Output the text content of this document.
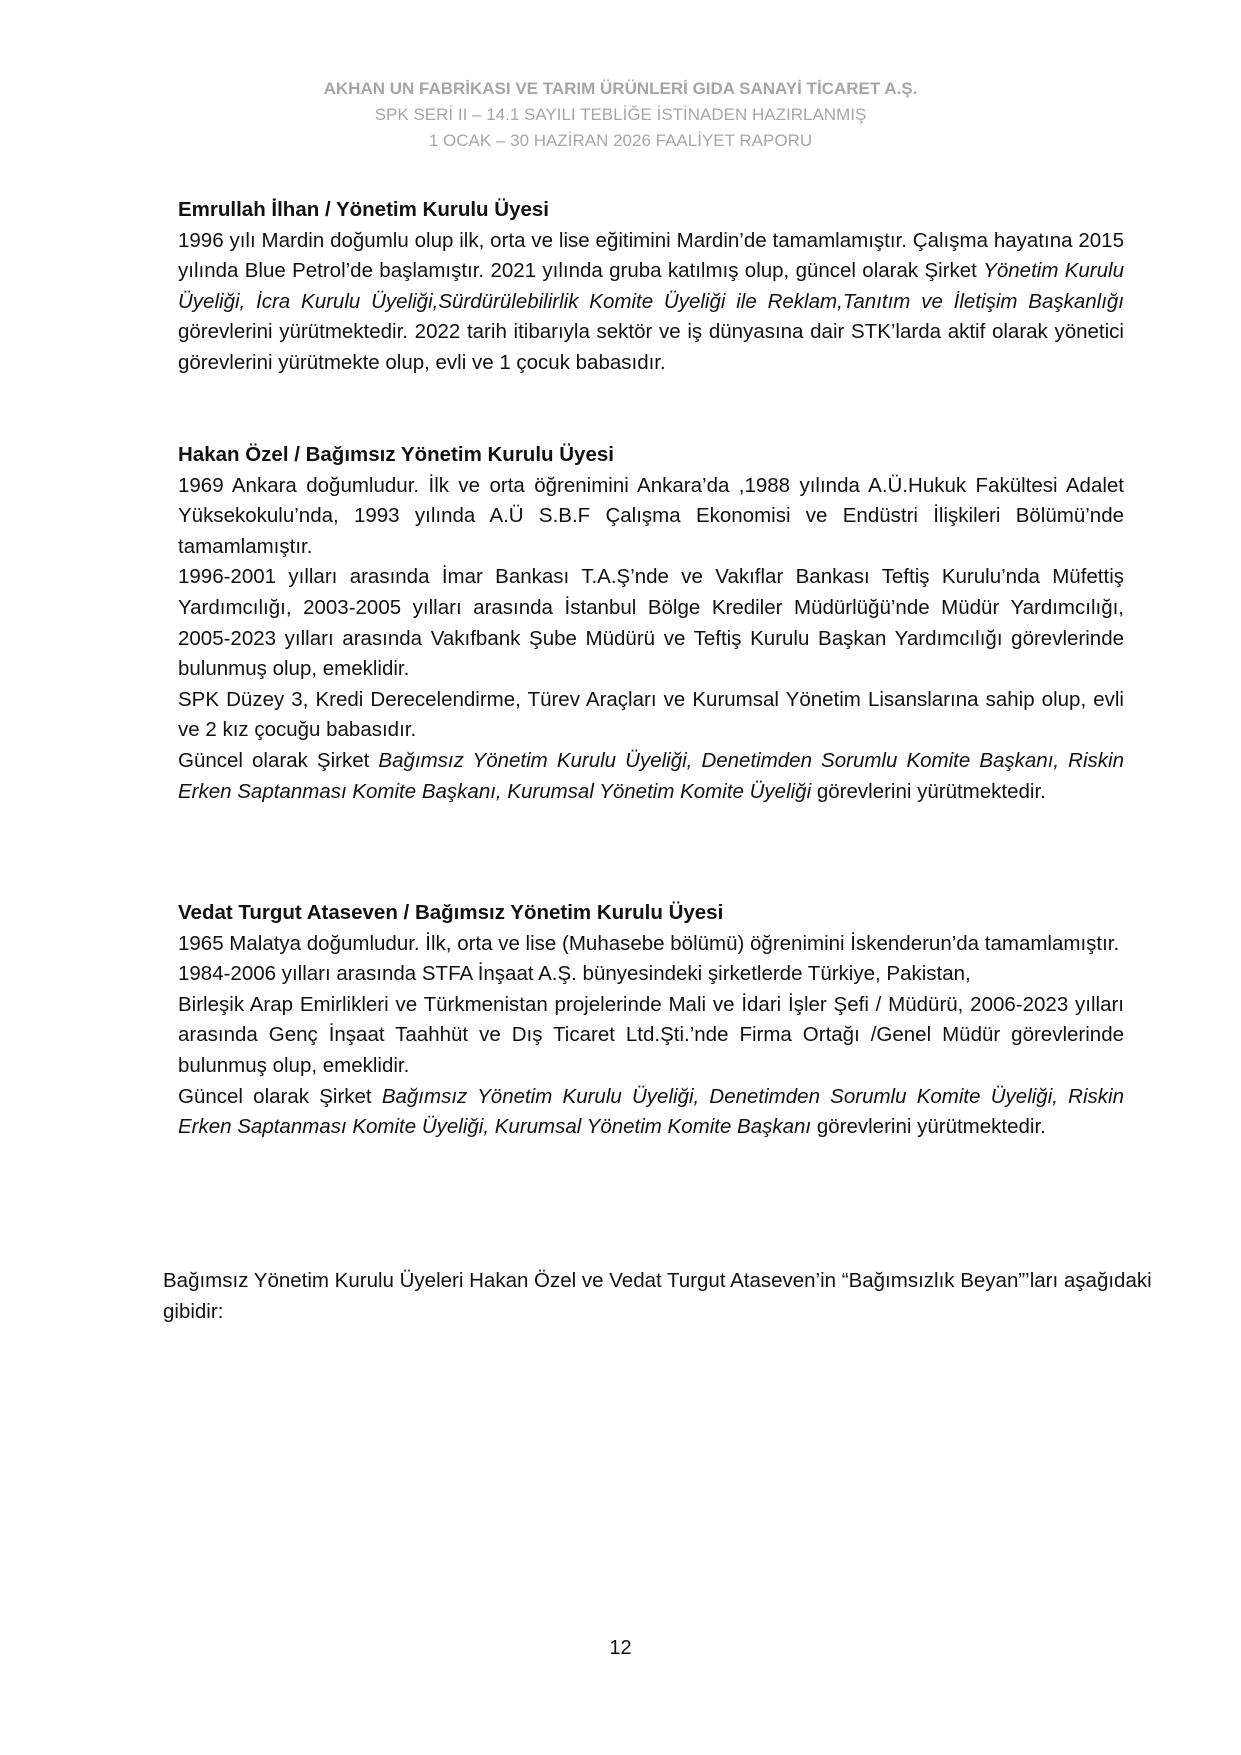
AKHAN UN FABRİKASI VE TARIM ÜRÜNLERİ GIDA SANAYİ TİCARET A.Ş.
SPK SERİ II – 14.1 SAYILI TEBLİĞE İSTİNADEN HAZIRLANMIŞ
1 OCAK – 30 HAZİRAN 2026 FAALİYET RAPORU
Emrullah İlhan / Yönetim Kurulu Üyesi

1996 yılı Mardin doğumlu olup ilk, orta ve lise eğitimini Mardin’de tamamlamıştır. Çalışma hayatına 2015 yılında Blue Petrol’de başlamıştır. 2021 yılında gruba katılmış olup, güncel olarak Şirket Yönetim Kurulu Üyeliği, İcra Kurulu Üyeliği,Sürdürülebilirlik Komite Üyeliği ile Reklam,Tanıtım ve İletişim Başkanlığı görevlerini yürütmektedir. 2022 tarih itibarıyla sektör ve iş dünyasına dair STK’larda aktif olarak yönetici görevlerini yürütmekte olup, evli ve 1 çocuk babasıdır.

Hakan Özel / Bağımsız Yönetim Kurulu Üyesi

1969 Ankara doğumludur. İlk ve orta öğrenimini Ankara’da ,1988 yılında A.Ü.Hukuk Fakültesi Adalet Yüksekokulu’nda, 1993 yılında A.Ü S.B.F Çalışma Ekonomisi ve Endüstri İlişkileri Bölümü’nde tamamlamıştır.

1996-2001 yılları arasında İmar Bankası T.A.Ş’nde ve Vakıflar Bankası Teftiş Kurulu’nda Müfettiş Yardımcılığı, 2003-2005 yılları arasında İstanbul Bölge Krediler Müdürlüğü’nde Müdür Yardımcılığı, 2005-2023 yılları arasında Vakıfbank Şube Müdürü ve Teftiş Kurulu Başkan Yardımcılığı görevlerinde bulunmuş olup, emeklidir.

SPK Düzey 3, Kredi Derecelendirme, Türev Araçları ve Kurumsal Yönetim Lisanslarına sahip olup, evli ve 2 kız çocuğu babasıdır.

Güncel olarak Şirket Bağımsız Yönetim Kurulu Üyeliği, Denetimden Sorumlu Komite Başkanı, Riskin Erken Saptanması Komite Başkanı, Kurumsal Yönetim Komite Üyeliği görevlerini yürütmektedir.

Vedat Turgut Ataseven / Bağımsız Yönetim Kurulu Üyesi

1965 Malatya doğumludur. İlk, orta ve lise (Muhasebe bölümü) öğrenimini İskenderun’da tamamlamıştır.

1984-2006 yılları arasında STFA İnşaat A.Ş. bünyesindeki şirketlerde Türkiye, Pakistan,

Birleşik Arap Emirlikleri ve Türkmenistan projelerinde Mali ve İdari İşler Şefi / Müdürü, 2006-2023 yılları arasında Genç İnşaat Taahhüt ve Dış Ticaret Ltd.Şti.’nde Firma Ortağı /Genel Müdür görevlerinde bulunmuş olup, emeklidir.

Güncel olarak Şirket Bağımsız Yönetim Kurulu Üyeliği, Denetimden Sorumlu Komite Üyeliği, Riskin Erken Saptanması Komite Üyeliği, Kurumsal Yönetim Komite Başkanı görevlerini yürütmektedir.

Bağımsız Yönetim Kurulu Üyeleri Hakan Özel ve Vedat Turgut Ataseven’in “Bağımsızlık Beyan”’ları aşağıdaki gibidir:

12
